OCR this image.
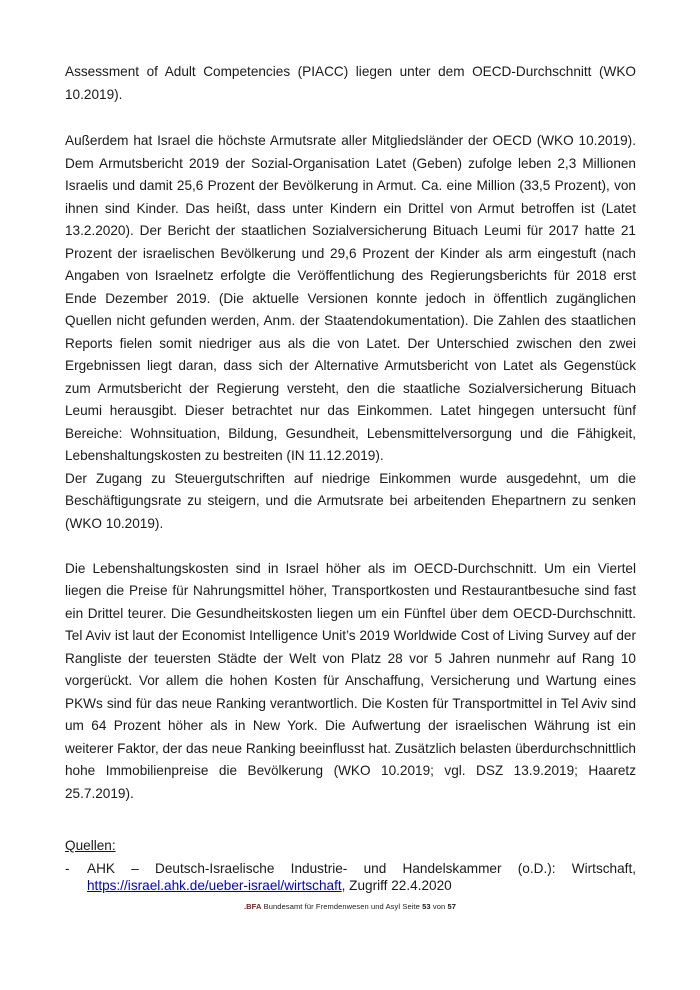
Assessment of Adult Competencies (PIACC) liegen unter dem OECD-Durchschnitt (WKO 10.2019).

Außerdem hat Israel die höchste Armutsrate aller Mitgliedsländer der OECD (WKO 10.2019). Dem Armutsbericht 2019 der Sozial-Organisation Latet (Geben) zufolge leben 2,3 Millionen Israelis und damit 25,6 Prozent der Bevölkerung in Armut. Ca. eine Million (33,5 Prozent), von ihnen sind Kinder. Das heißt, dass unter Kindern ein Drittel von Armut betroffen ist (Latet 13.2.2020). Der Bericht der staatlichen Sozialversicherung Bituach Leumi für 2017 hatte 21 Prozent der israelischen Bevölkerung und 29,6 Prozent der Kinder als arm eingestuft (nach Angaben von Israelnetz erfolgte die Veröffentlichung des Regierungsberichts für 2018 erst Ende Dezember 2019. (Die aktuelle Versionen konnte jedoch in öffentlich zugänglichen Quellen nicht gefunden werden, Anm. der Staatendokumentation). Die Zahlen des staatlichen Reports fielen somit niedriger aus als die von Latet. Der Unterschied zwischen den zwei Ergebnissen liegt daran, dass sich der Alternative Armutsbericht von Latet als Gegenstück zum Armutsbericht der Regierung versteht, den die staatliche Sozialversicherung Bituach Leumi herausgibt. Dieser betrachtet nur das Einkommen. Latet hingegen untersucht fünf Bereiche: Wohnsituation, Bildung, Gesundheit, Lebensmittelversorgung und die Fähigkeit, Lebenshaltungskosten zu bestreiten (IN 11.12.2019).

Der Zugang zu Steuergutschriften auf niedrige Einkommen wurde ausgedehnt, um die Beschäftigungsrate zu steigern, und die Armutsrate bei arbeitenden Ehepartnern zu senken (WKO 10.2019).

Die Lebenshaltungskosten sind in Israel höher als im OECD-Durchschnitt. Um ein Viertel liegen die Preise für Nahrungsmittel höher, Transportkosten und Restaurantbesuche sind fast ein Drittel teurer. Die Gesundheitskosten liegen um ein Fünftel über dem OECD-Durchschnitt. Tel Aviv ist laut der Economist Intelligence Unit’s 2019 Worldwide Cost of Living Survey auf der Rangliste der teuersten Städte der Welt von Platz 28 vor 5 Jahren nunmehr auf Rang 10 vorgerückt. Vor allem die hohen Kosten für Anschaffung, Versicherung und Wartung eines PKWs sind für das neue Ranking verantwortlich. Die Kosten für Transportmittel in Tel Aviv sind um 64 Prozent höher als in New York. Die Aufwertung der israelischen Währung ist ein weiterer Faktor, der das neue Ranking beeinflusst hat. Zusätzlich belasten überdurchschnittlich hohe Immobilienpreise die Bevölkerung (WKO 10.2019; vgl. DSZ 13.9.2019; Haaretz 25.7.2019).

Quellen:
-	AHK – Deutsch-Israelische Industrie- und Handelskammer (o.D.): Wirtschaft, https://israel.ahk.de/ueber-israel/wirtschaft, Zugriff 22.4.2020
.BFA Bundesamt für Fremdenwesen und Asyl Seite 53 von 57
